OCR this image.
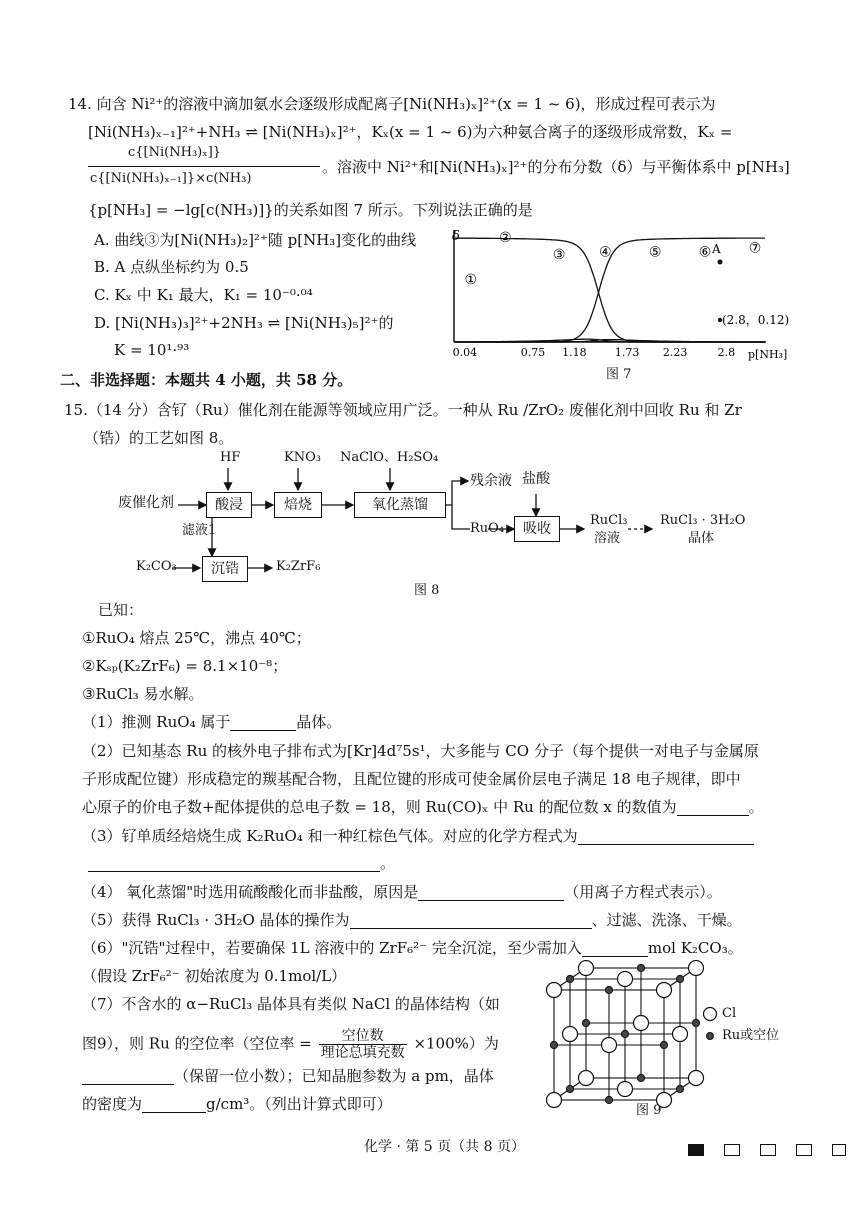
14. 向含 Ni²⁺的溶液中滴加氨水会逐级形成配离子[Ni(NH₃)ₓ]²⁺(x = 1 ~ 6)，形成过程可表示为
[Ni(NH₃)ₓ₋₁]²⁺+NH₃ ⇌ [Ni(NH₃)ₓ]²⁺，Kₓ(x = 1 ~ 6)为六种氨合离子的逐级形成常数，Kₓ =
c{[Ni(NH₃)ₓ]}
c{[Ni(NH₃)ₓ₋₁]}×c(NH₃)
。溶液中 Ni²⁺和[Ni(NH₃)ₓ]²⁺的分布分数（δ）与平衡体系中 p[NH₃]
{p[NH₃] = −lg[c(NH₃)]}的关系如图 7 所示。下列说法正确的是
A. 曲线③为[Ni(NH₃)₂]²⁺随 p[NH₃]变化的曲线
B. A 点纵坐标约为 0.5
C. Kₓ 中 K₁ 最大，K₁ = 10⁻⁰·⁰⁴
D. [Ni(NH₃)₃]²⁺+2NH₃ ⇌ [Ni(NH₃)₅]²⁺的
K = 10¹·⁹³	0.04	0.75 1.18	1.73 2.23	2.8
①
②
③ ④	⑤	⑥	⑦
δ
p[NH₃]
A
(2.8，0.12)
图 7
二、非选择题：本题共 4 小题，共 58 分。
15.（14 分）含钌（Ru）催化剂在能源等领域应用广泛。一种从 Ru /ZrO₂ 废催化剂中回收 Ru 和 Zr
（锆）的工艺如图 8。
废催化剂
HF
酸浸
KNO₃
焙烧
NaClO、H₂SO₄
氧化蒸馏
残余液 盐酸
RuO₄	吸收
RuCl₃
溶液
RuCl₃ · 3H₂O
晶体
滤液1
K₂CO₃	沉锆	K₂ZrF₆
图 8
已知：
①RuO₄ 熔点 25℃，沸点 40℃；
②Kₛₚ(K₂ZrF₆) = 8.1×10⁻⁸；
③RuCl₃ 易水解。
（1）推测 RuO₄ 属于	晶体。
（2）已知基态 Ru 的核外电子排布式为[Kr]4d⁷5s¹，大多能与 CO 分子（每个提供一对电子与金属原
子形成配位键）形成稳定的羰基配合物，且配位键的形成可使金属价层电子满足 18 电子规律，即中
心原子的价电子数+配体提供的总电子数 = 18，则 Ru(CO)ₓ 中 Ru 的配位数 x 的数值为	。
（3）钌单质经焙烧生成 K₂RuO₄ 和一种红棕色气体。对应的化学方程式为
。
（4） 氧化蒸馏"时选用硫酸酸化而非盐酸，原因是	（用离子方程式表示）。
（5）获得 RuCl₃ · 3H₂O 晶体的操作为	、过滤、洗涤、干燥。
（6）"沉锆"过程中，若要确保 1L 溶液中的 ZrF₆²⁻ 完全沉淀，至少需加入	mol K₂CO₃。
（假设 ZrF₆²⁻ 初始浓度为 0.1mol/L）
（7）不含水的 α−RuCl₃ 晶体具有类似 NaCl 的晶体结构（如
图9），则 Ru 的空位率（空位率 =	空位数
理论总填充数
×100%）为
（保留一位小数）；已知晶胞参数为 a pm，晶体
的密度为	g/cm³。（列出计算式即可）
Cl
Ru或空位
图 9
化学 · 第 5 页（共 8 页）
